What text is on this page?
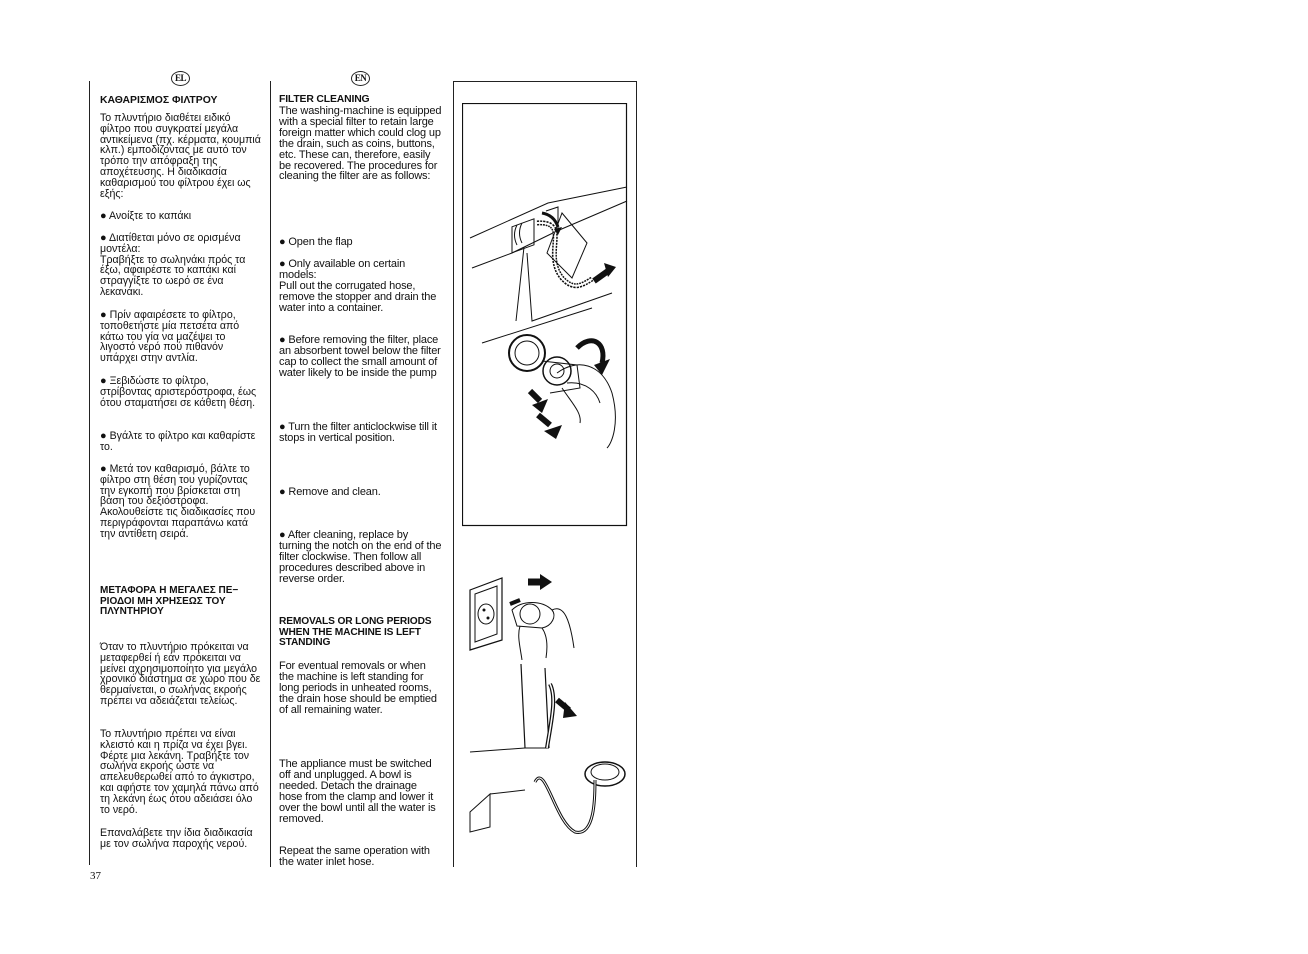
EL	EN
ΚΑΘΑΡΙΣΜΟΣ ΦΙΛΤΡΟΥ

Το πλυντήριο διαθέτει ειδικό φίλτρο που συγκρατεί μεγάλα αντικείμενα (πχ. κέρματα, κουμπιά κλπ.) εμποδίζοντας με αυτό τον τρόπο την απόφραξη της αποχέτευσης. Η διαδικασία καθαρισμού του φίλτρου έχει ως εξής:

● Ανοίξτε το καπάκι

● Διατίθεται μόνο σε ορισμένα μοντέλα:
Τραβήξτε το σωληνάκι πρός τα έξω, αφαιρέστε το καπάκι καί στραγγίξτε το ωερό σε ένα λεκανάκι.

● Πρίν αφαιρέσετε το φίλτρο, τοποθετήστε μία πετσέτα από κάτω του γία να μαζέψει το λιγοστό νερό πού πιθανόν υπάρχει στην αντλία.

● Ξεβιδώστε το φίλτρο, στρίβοντας αριστερόστροφα, έως ότου σταματήσει σε κάθετη θέση.

● Βγάλτε το φίλτρο και καθαρίστε το.

● Μετά τον καθαρισμό, βάλτε το φίλτρο στη θέση του γυρίζοντας την εγκοπή που βρίσκεται στη βάση του δεξιόστροφα. Ακολουθείστε τις διαδικασίες που περιγράφονται παραπάνω κατά την αντίθετη σειρά.

ΜΕΤΑΦΟΡΑ Η ΜΕΓΑΛΕΣ ΠΕ− ΡΙΟΔΟΙ ΜΗ ΧΡΗΣΕΩΣ ΤΟΥ ΠΛΥΝΤΗΡΙΟΥ

Όταν το πλυντήριο πρόκειται να μεταφερθεί ή εάν πρόκειται να μείνει αχρησιμοποίητο για μεγάλο χρονικό διάστημα σε χώρο που δε θερμαίνεται, ο σωλήνας εκροής πρέπει να αδειάζεται τελείως.

Το πλυντήριο πρέπει να είναι κλειστό και η πρίζα να έχει βγει. Φέρτε μια λεκάνη. Τραβήξτε τον σωλήνα εκροής ώστε να απελευθερωθεί από το άγκιστρο, και αφήστε τον χαμηλά πάνω από τη λεκάνη έως ότου αδειάσει όλο το νερό.

Επαναλάβετε την ίδια διαδικασία με τον σωλήνα παροχής νερού.

FILTER CLEANING

The washing-machine is equipped with a special filter to retain large foreign matter which could clog up the drain, such as coins, buttons, etc. These can, therefore, easily be recovered. The procedures for cleaning the filter are as follows:

● Open the flap

● Only available on certain models:
Pull out the corrugated hose, remove the stopper and drain the water into a container.

● Before removing the filter, place an absorbent towel below the filter
cap to collect the small amount of water likely to be inside the pump

● Turn the filter anticlockwise till it stops in vertical position.

● Remove and clean.

● After cleaning, replace by turning the notch on the end of the filter clockwise. Then follow all procedures described above in reverse order.

REMOVALS OR LONG PERIODS WHEN THE MACHINE IS LEFT STANDING

For eventual removals or when the machine is left standing for long periods in unheated rooms, the drain hose should be emptied of all remaining water.

The appliance must be switched off and unplugged. A bowl is needed. Detach the drainage hose from the clamp and lower it over the bowl until all the water is removed.

Repeat the same operation with the water inlet hose.

37
